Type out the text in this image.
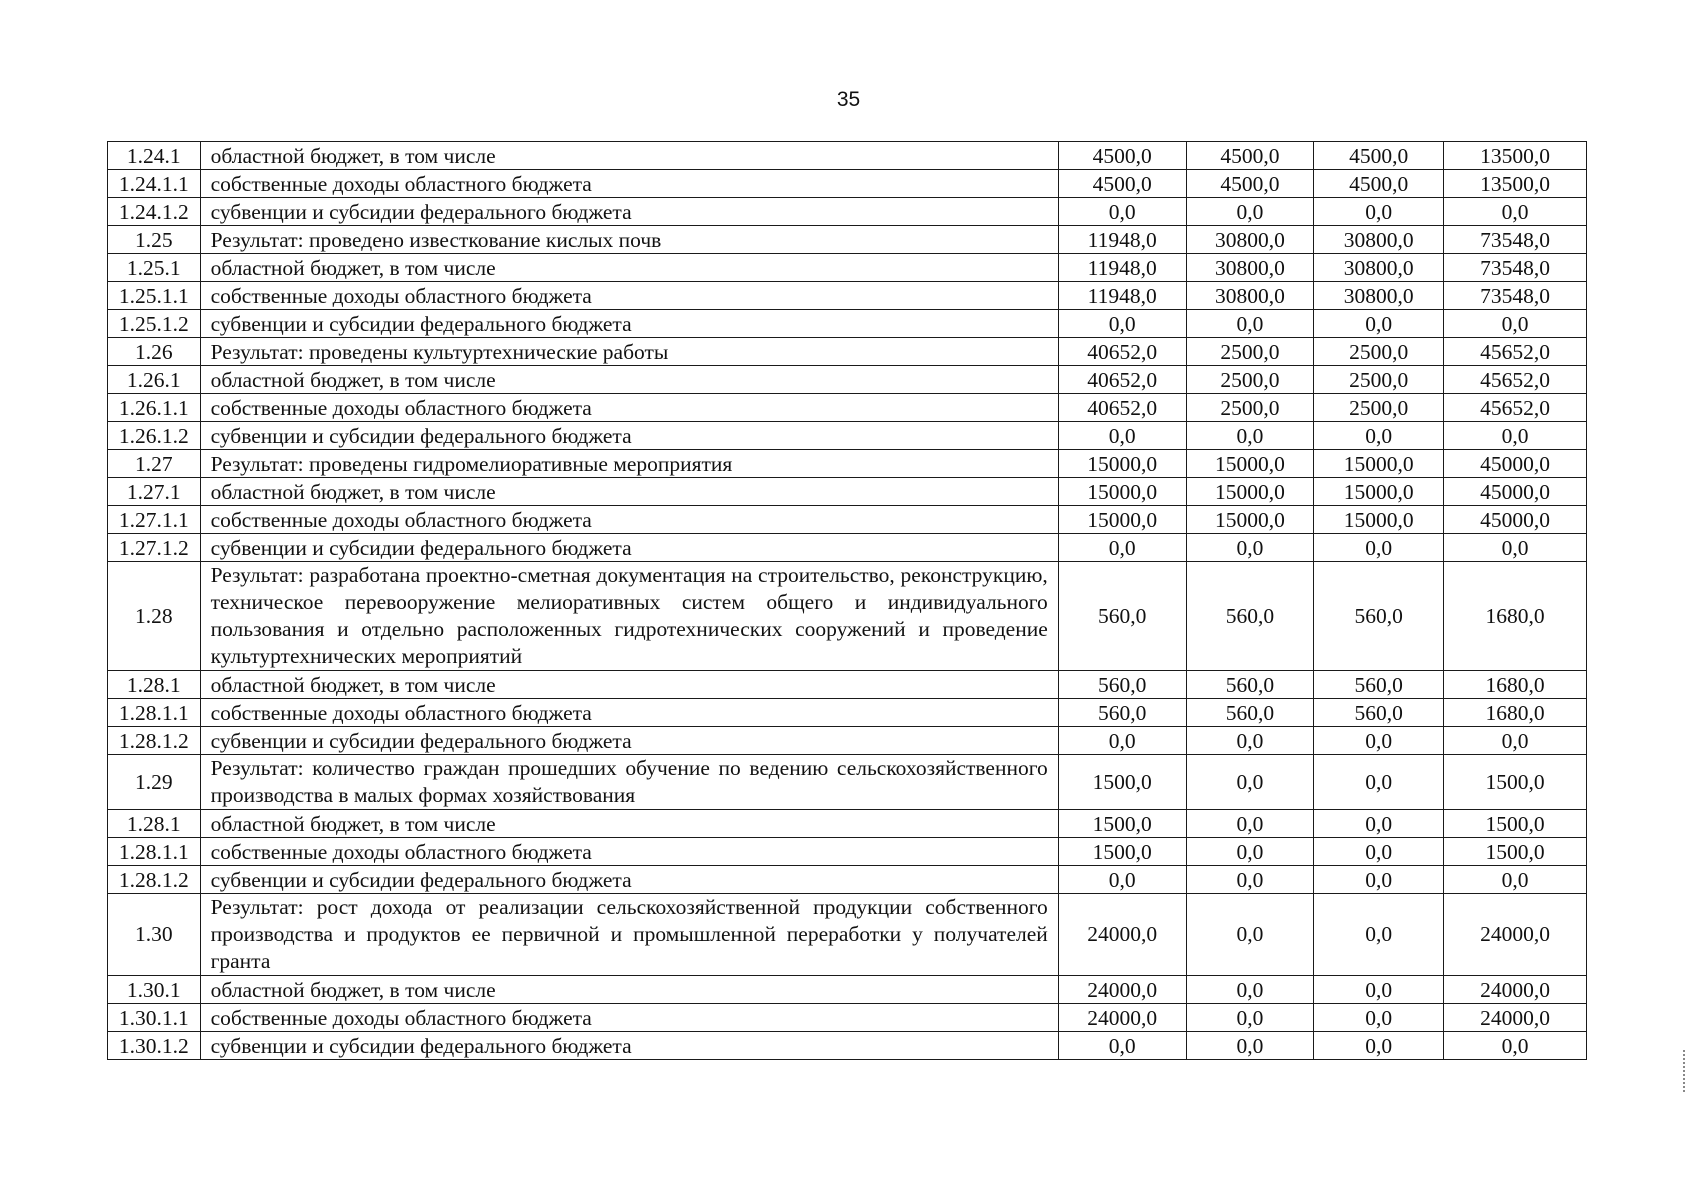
35
1.24.1	областной бюджет, в том числе	4500,0	4500,0	4500,0	13500,0
1.24.1.1	собственные доходы областного бюджета	4500,0	4500,0	4500,0	13500,0
1.24.1.2	субвенции и субсидии федерального бюджета	0,0	0,0	0,0	0,0
1.25	Результат: проведено известкование кислых почв	11948,0	30800,0	30800,0	73548,0
1.25.1	областной бюджет, в том числе	11948,0	30800,0	30800,0	73548,0
1.25.1.1	собственные доходы областного бюджета	11948,0	30800,0	30800,0	73548,0
1.25.1.2	субвенции и субсидии федерального бюджета	0,0	0,0	0,0	0,0
1.26	Результат: проведены культуртехнические работы	40652,0	2500,0	2500,0	45652,0
1.26.1	областной бюджет, в том числе	40652,0	2500,0	2500,0	45652,0
1.26.1.1	собственные доходы областного бюджета	40652,0	2500,0	2500,0	45652,0
1.26.1.2	субвенции и субсидии федерального бюджета	0,0	0,0	0,0	0,0
1.27	Результат: проведены гидромелиоративные мероприятия	15000,0	15000,0	15000,0	45000,0
1.27.1	областной бюджет, в том числе	15000,0	15000,0	15000,0	45000,0
1.27.1.1	собственные доходы областного бюджета	15000,0	15000,0	15000,0	45000,0
1.27.1.2	субвенции и субсидии федерального бюджета	0,0	0,0	0,0	0,0
1.28	Результат: разработана проектно-сметная документация на строительство, реконструкцию, техническое перевооружение мелиоративных систем общего и индивидуального пользования и отдельно расположенных гидротехнических сооружений и проведение культуртехнических мероприятий	560,0	560,0	560,0	1680,0
1.28.1	областной бюджет, в том числе	560,0	560,0	560,0	1680,0
1.28.1.1	собственные доходы областного бюджета	560,0	560,0	560,0	1680,0
1.28.1.2	субвенции и субсидии федерального бюджета	0,0	0,0	0,0	0,0
1.29	Результат: количество граждан прошедших обучение по ведению сельскохозяйственного производства в малых формах хозяйствования	1500,0	0,0	0,0	1500,0
1.28.1	областной бюджет, в том числе	1500,0	0,0	0,0	1500,0
1.28.1.1	собственные доходы областного бюджета	1500,0	0,0	0,0	1500,0
1.28.1.2	субвенции и субсидии федерального бюджета	0,0	0,0	0,0	0,0
1.30	Результат: рост дохода от реализации сельскохозяйственной продукции собственного производства и продуктов ее первичной и промышленной переработки у получателей гранта	24000,0	0,0	0,0	24000,0
1.30.1	областной бюджет, в том числе	24000,0	0,0	0,0	24000,0
1.30.1.1	собственные доходы областного бюджета	24000,0	0,0	0,0	24000,0
1.30.1.2	субвенции и субсидии федерального бюджета	0,0	0,0	0,0	0,0
